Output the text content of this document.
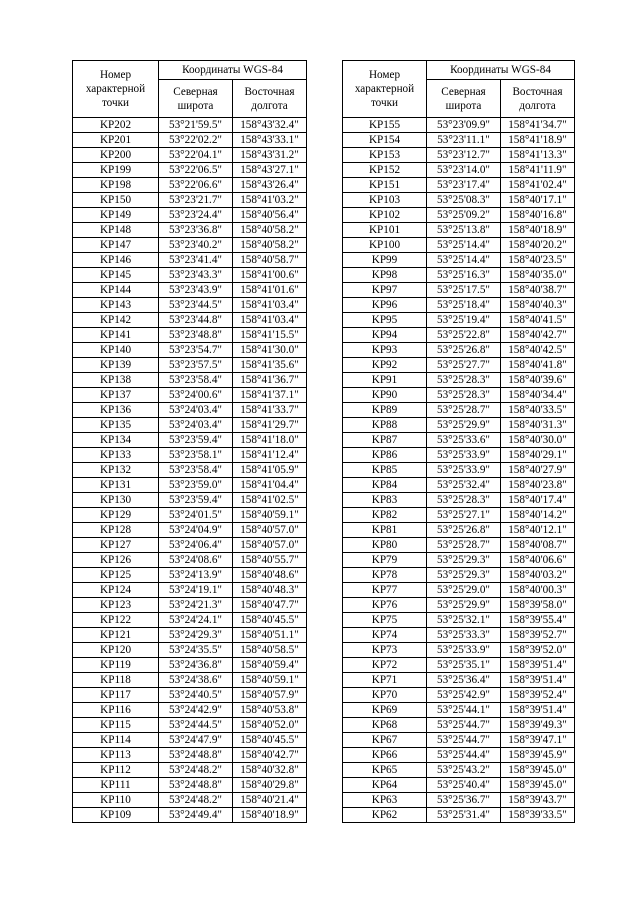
Номер характерной точки	Координаты WGS-84	
	Северная широта	Восточная долгота
KP202	53°21'59.5"	158°43'32.4"
KP201	53°22'02.2"	158°43'33.1"
KP200	53°22'04.1"	158°43'31.2"
KP199	53°22'06.5"	158°43'27.1"
KP198	53°22'06.6"	158°43'26.4"
KP150	53°23'21.7"	158°41'03.2"
KP149	53°23'24.4"	158°40'56.4"
KP148	53°23'36.8"	158°40'58.2"
KP147	53°23'40.2"	158°40'58.2"
KP146	53°23'41.4"	158°40'58.7"
KP145	53°23'43.3"	158°41'00.6"
KP144	53°23'43.9"	158°41'01.6"
KP143	53°23'44.5"	158°41'03.4"
KP142	53°23'44.8"	158°41'03.4"
KP141	53°23'48.8"	158°41'15.5"
KP140	53°23'54.7"	158°41'30.0"
KP139	53°23'57.5"	158°41'35.6"
KP138	53°23'58.4"	158°41'36.7"
KP137	53°24'00.6"	158°41'37.1"
KP136	53°24'03.4"	158°41'33.7"
KP135	53°24'03.4"	158°41'29.7"
KP134	53°23'59.4"	158°41'18.0"
KP133	53°23'58.1"	158°41'12.4"
KP132	53°23'58.4"	158°41'05.9"
KP131	53°23'59.0"	158°41'04.4"
KP130	53°23'59.4"	158°41'02.5"
KP129	53°24'01.5"	158°40'59.1"
KP128	53°24'04.9"	158°40'57.0"
KP127	53°24'06.4"	158°40'57.0"
KP126	53°24'08.6"	158°40'55.7"
KP125	53°24'13.9"	158°40'48.6"
KP124	53°24'19.1"	158°40'48.3"
KP123	53°24'21.3"	158°40'47.7"
KP122	53°24'24.1"	158°40'45.5"
KP121	53°24'29.3"	158°40'51.1"
KP120	53°24'35.5"	158°40'58.5"
KP119	53°24'36.8"	158°40'59.4"
KP118	53°24'38.6"	158°40'59.1"
KP117	53°24'40.5"	158°40'57.9"
KP116	53°24'42.9"	158°40'53.8"
KP115	53°24'44.5"	158°40'52.0"
KP114	53°24'47.9"	158°40'45.5"
KP113	53°24'48.8"	158°40'42.7"
KP112	53°24'48.2"	158°40'32.8"
KP111	53°24'48.8"	158°40'29.8"
KP110	53°24'48.2"	158°40'21.4"
KP109	53°24'49.4"	158°40'18.9"
Номер характерной точки	Координаты WGS-84	
	Северная широта	Восточная долгота
KP155	53°23'09.9"	158°41'34.7"
KP154	53°23'11.1"	158°41'18.9"
KP153	53°23'12.7"	158°41'13.3"
KP152	53°23'14.0"	158°41'11.9"
KP151	53°23'17.4"	158°41'02.4"
KP103	53°25'08.3"	158°40'17.1"
KP102	53°25'09.2"	158°40'16.8"
KP101	53°25'13.8"	158°40'18.9"
KP100	53°25'14.4"	158°40'20.2"
KP99	53°25'14.4"	158°40'23.5"
KP98	53°25'16.3"	158°40'35.0"
KP97	53°25'17.5"	158°40'38.7"
KP96	53°25'18.4"	158°40'40.3"
KP95	53°25'19.4"	158°40'41.5"
KP94	53°25'22.8"	158°40'42.7"
KP93	53°25'26.8"	158°40'42.5"
KP92	53°25'27.7"	158°40'41.8"
KP91	53°25'28.3"	158°40'39.6"
KP90	53°25'28.3"	158°40'34.4"
KP89	53°25'28.7"	158°40'33.5"
KP88	53°25'29.9"	158°40'31.3"
KP87	53°25'33.6"	158°40'30.0"
KP86	53°25'33.9"	158°40'29.1"
KP85	53°25'33.9"	158°40'27.9"
KP84	53°25'32.4"	158°40'23.8"
KP83	53°25'28.3"	158°40'17.4"
KP82	53°25'27.1"	158°40'14.2"
KP81	53°25'26.8"	158°40'12.1"
KP80	53°25'28.7"	158°40'08.7"
KP79	53°25'29.3"	158°40'06.6"
KP78	53°25'29.3"	158°40'03.2"
KP77	53°25'29.0"	158°40'00.3"
KP76	53°25'29.9"	158°39'58.0"
KP75	53°25'32.1"	158°39'55.4"
KP74	53°25'33.3"	158°39'52.7"
KP73	53°25'33.9"	158°39'52.0"
KP72	53°25'35.1"	158°39'51.4"
KP71	53°25'36.4"	158°39'51.4"
KP70	53°25'42.9"	158°39'52.4"
KP69	53°25'44.1"	158°39'51.4"
KP68	53°25'44.7"	158°39'49.3"
KP67	53°25'44.7"	158°39'47.1"
KP66	53°25'44.4"	158°39'45.9"
KP65	53°25'43.2"	158°39'45.0"
KP64	53°25'40.4"	158°39'45.0"
KP63	53°25'36.7"	158°39'43.7"
KP62	53°25'31.4"	158°39'33.5"
